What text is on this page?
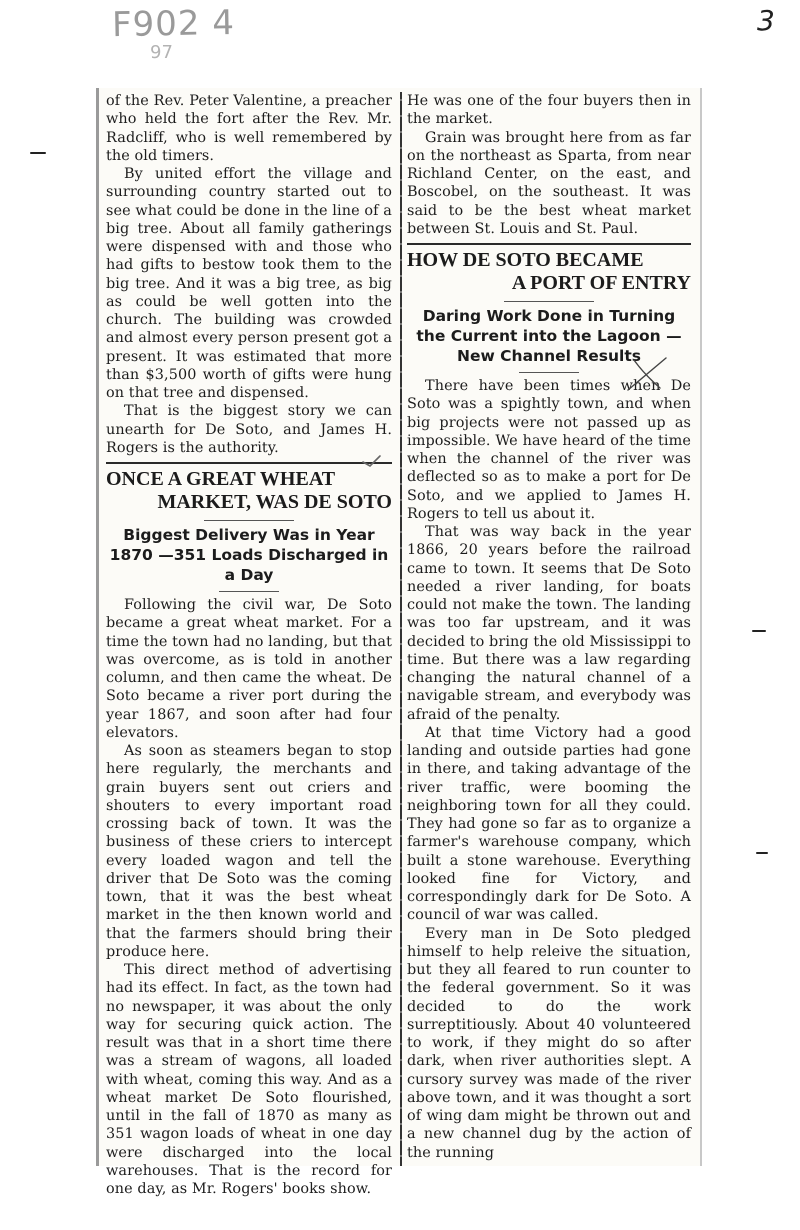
F902 4
97
3

of the Rev. Peter Valentine, a preacher who held the fort after the Rev. Mr. Radcliff, who is well remembered by the old timers.

By united effort the village and surrounding country started out to see what could be done in the line of a big tree. About all family gatherings were dispensed with and those who had gifts to bestow took them to the big tree. And it was a big tree, as big as could be well gotten into the church. The building was crowded and almost every person present got a present. It was estimated that more than $3,500 worth of gifts were hung on that tree and dispensed.

That is the biggest story we can unearth for De Soto, and James H. Rogers is the authority.

ONCE A GREAT WHEAT
MARKET, WAS DE SOTO
Biggest Delivery Was in Year 1870 —351 Loads Discharged in a Day

Following the civil war, De Soto became a great wheat market. For a time the town had no landing, but that was overcome, as is told in another column, and then came the wheat. De Soto became a river port during the year 1867, and soon after had four elevators.

As soon as steamers began to stop here regularly, the merchants and grain buyers sent out criers and shouters to every important road crossing back of town. It was the business of these criers to intercept every loaded wagon and tell the driver that De Soto was the coming town, that it was the best wheat market in the then known world and that the farmers should bring their produce here.

This direct method of advertising had its effect. In fact, as the town had no newspaper, it was about the only way for securing quick action. The result was that in a short time there was a stream of wagons, all loaded with wheat, coming this way. And as a wheat market De Soto flourished, until in the fall of 1870 as many as 351 wagon loads of wheat in one day were discharged into the local warehouses. That is the record for one day, as Mr. Rogers' books show.

He was one of the four buyers then in the market.

Grain was brought here from as far on the northeast as Sparta, from near Richland Center, on the east, and Boscobel, on the southeast. It was said to be the best wheat market between St. Louis and St. Paul.

HOW DE SOTO BECAME
A PORT OF ENTRY
Daring Work Done in Turning the Current into the Lagoon —New Channel Results

There have been times when De Soto was a spightly town, and when big projects were not passed up as impossible. We have heard of the time when the channel of the river was deflected so as to make a port for De Soto, and we applied to James H. Rogers to tell us about it.

That was way back in the year 1866, 20 years before the railroad came to town. It seems that De Soto needed a river landing, for boats could not make the town. The landing was too far upstream, and it was decided to bring the old Mississippi to time. But there was a law regarding changing the natural channel of a navigable stream, and everybody was afraid of the penalty.

At that time Victory had a good landing and outside parties had gone in there, and taking advantage of the river traffic, were booming the neighboring town for all they could. They had gone so far as to organize a farmer's warehouse company, which built a stone warehouse. Everything looked fine for Victory, and correspondingly dark for De Soto. A council of war was called.

Every man in De Soto pledged himself to help releive the situation, but they all feared to run counter to the federal government. So it was decided to do the work surreptitiously. About 40 volunteered to work, if they might do so after dark, when river authorities slept. A cursory survey was made of the river above town, and it was thought a sort of wing dam might be thrown out and a new channel dug by the action of the running
